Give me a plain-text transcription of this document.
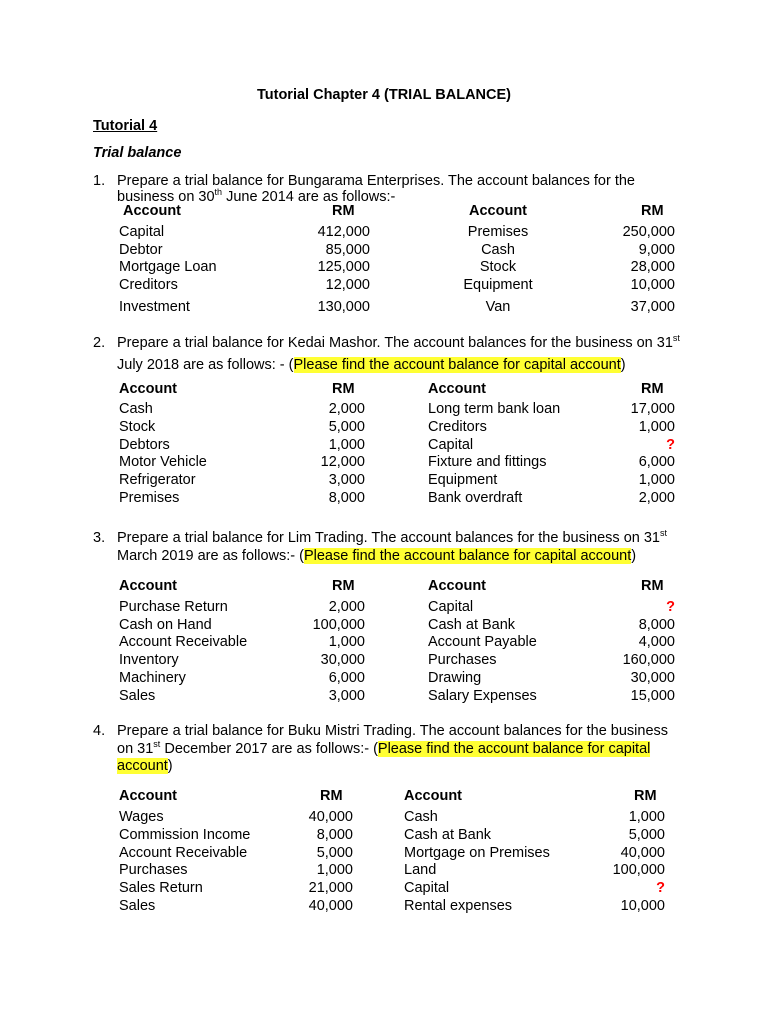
Tutorial Chapter 4 (TRIAL BALANCE)
Tutorial 4
Trial balance
1. Prepare a trial balance for Bungarama Enterprises. The account balances for the
business on 30th June 2014 are as follows:-
Account	RM	Account	RM
Capital	412,000	Premises	250,000
Debtor	85,000	Cash	9,000
Mortgage Loan	125,000	Stock	28,000
Creditors	12,000	Equipment	10,000
Investment	130,000	Van	37,000
2. Prepare a trial balance for Kedai Mashor. The account balances for the business on 31st
July 2018 are as follows: - (Please find the account balance for capital account)
Account	RM	Account	RM
Cash	2,000	Long term bank loan	17,000
Stock	5,000	Creditors	1,000
Debtors	1,000	Capital	?
Motor Vehicle	12,000	Fixture and fittings	6,000
Refrigerator	3,000	Equipment	1,000
Premises	8,000	Bank overdraft	2,000
3. Prepare a trial balance for Lim Trading. The account balances for the business on 31st
March 2019 are as follows:- (Please find the account balance for capital account)
Account	RM	Account	RM
Purchase Return	2,000	Capital	?
Cash on Hand	100,000	Cash at Bank	8,000
Account Receivable	1,000	Account Payable	4,000
Inventory	30,000	Purchases	160,000
Machinery	6,000	Drawing	30,000
Sales	3,000	Salary Expenses	15,000
4. Prepare a trial balance for Buku Mistri Trading. The account balances for the business
on 31st December 2017 are as follows:- (Please find the account balance for capital
account)
Account	RM	Account	RM
Wages	40,000	Cash	1,000
Commission Income	8,000	Cash at Bank	5,000
Account Receivable	5,000	Mortgage on Premises	40,000
Purchases	1,000	Land	100,000
Sales Return	21,000	Capital	?
Sales	40,000	Rental expenses	10,000
